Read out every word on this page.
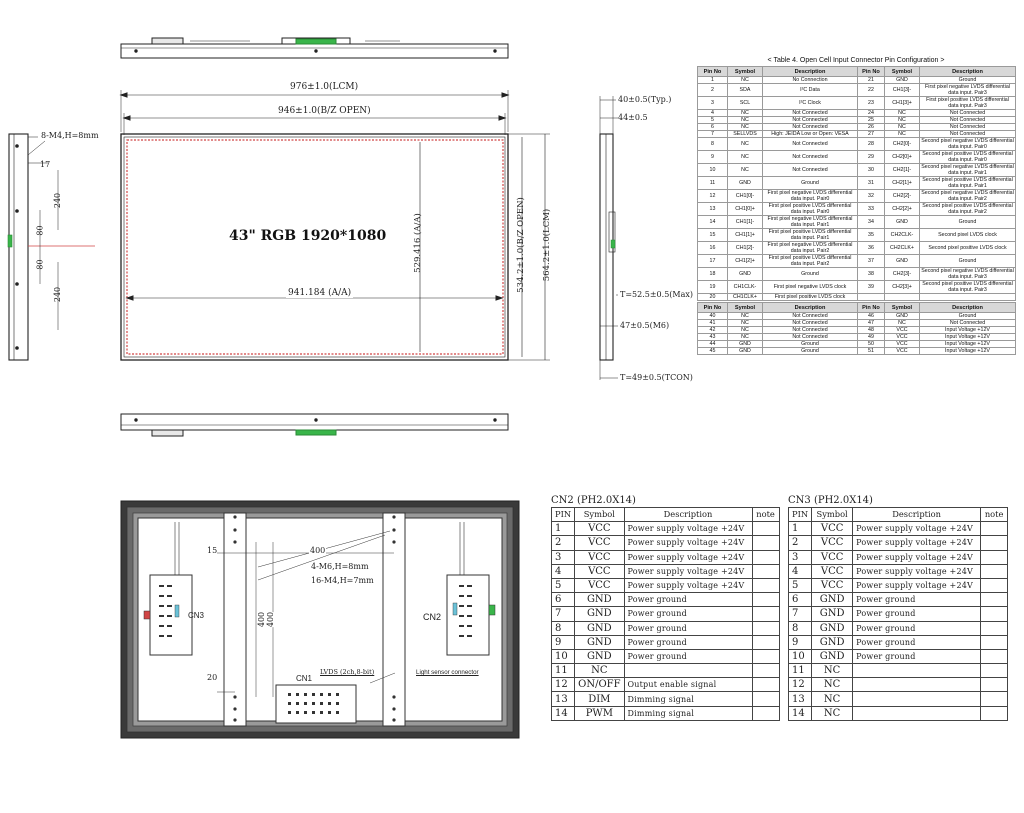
976±1.0(LCM)
946±1.0(B/Z OPEN)
43" RGB 1920*1080
941.184 (A/A)
529.416 (A/A)	534.2±1.0(B/Z OPEN) 564.2±1.0(LCM)
8-M4,H=8mm
17
240
80
80
240
40±0.5(Typ.)
44±0.5
T=52.5±0.5(Max)
47±0.5(M6)
T=49±0.5(TCON)
< Table 4. Open Cell Input Connector Pin Configuration >
Pin No	Symbol	Description	Pin No	Symbol	Description
1	NC	No Connection	21	GND	Ground
2	SDA	I²C Data	22	CH1[3]-	First pixel negative LVDS differential data input. Pair3
3	SCL	I²C Clock	23	CH1[3]+	First pixel positive LVDS differential data input. Pair3
4	NC	Not Connected	24	NC	Not Connected
5	NC	Not Connected	25	NC	Not Connected
6	NC	Not Connected	26	NC	Not Connected
7	SELLVDS	High: JEIDA Low or Open: VESA	27	NC	Not Connected
8	NC	Not Connected	28	CH2[0]-	Second pixel negative LVDS differential data input. Pair0
9	NC	Not Connected	29	CH2[0]+	Second pixel positive LVDS differential data input. Pair0
10	NC	Not Connected	30	CH2[1]-	Second pixel negative LVDS differential data input. Pair1
11	GND	Ground	31	CH2[1]+	Second pixel positive LVDS differential data input. Pair1
12	CH1[0]-	First pixel negative LVDS differential data input. Pair0	32	CH2[2]-	Second pixel negative LVDS differential data input. Pair2
13	CH1[0]+	First pixel positive LVDS differential data input. Pair0	33	CH2[2]+	Second pixel positive LVDS differential data input. Pair2
14	CH1[1]-	First pixel negative LVDS differential data input. Pair1	34	GND	Ground
15	CH1[1]+	First pixel positive LVDS differential data input. Pair1	35	CH2CLK-	Second pixel LVDS clock
16	CH1[2]-	First pixel negative LVDS differential data input. Pair2	36	CH2CLK+	Second pixel positive LVDS clock
17	CH1[2]+	First pixel positive LVDS differential data input. Pair2	37	GND	Ground
18	GND	Ground	38	CH2[3]-	Second pixel negative LVDS differential data input. Pair3
19	CH1CLK-	First pixel negative LVDS clock	39	CH2[3]+	Second pixel positive LVDS differential data input. Pair3
20	CH1CLK+	First pixel positive LVDS clock			
Pin No	Symbol	Description	Pin No	Symbol	Description
40	NC	Not Connected	46	GND	Ground
41	NC	Not Connected	47	NC	Not Connected
42	NC	Not Connected	48	VCC	Input Voltage +12V
43	NC	Not Connected	49	VCC	Input Voltage +12V
44	GND	Ground	50	VCC	Input Voltage +12V
45	GND	Ground	51	VCC	Input Voltage +12V
15	400
4-M6,H=8mm
16-M4,H=7mm
400 400
20	CN1
LVDS (2ch,8-bit)
CN3	CN2
Light sensor connector
CN2 (PH2.0X14)
PIN	Symbol	Description	note
1	VCC	Power supply voltage +24V	
2	VCC	Power supply voltage +24V	
3	VCC	Power supply voltage +24V	
4	VCC	Power supply voltage +24V	
5	VCC	Power supply voltage +24V	
6	GND	Power ground	
7	GND	Power ground	
8	GND	Power ground	
9	GND	Power ground	
10	GND	Power ground	
11	NC		
12	ON/OFF	Output enable signal	
13	DIM	Dimming signal	
14	PWM	Dimming signal	
CN3 (PH2.0X14)
PIN	Symbol	Description	note
1	VCC	Power supply voltage +24V	
2	VCC	Power supply voltage +24V	
3	VCC	Power supply voltage +24V	
4	VCC	Power supply voltage +24V	
5	VCC	Power supply voltage +24V	
6	GND	Power ground	
7	GND	Power ground	
8	GND	Power ground	
9	GND	Power ground	
10	GND	Power ground	
11	NC		
12	NC		
13	NC		
14	NC		
